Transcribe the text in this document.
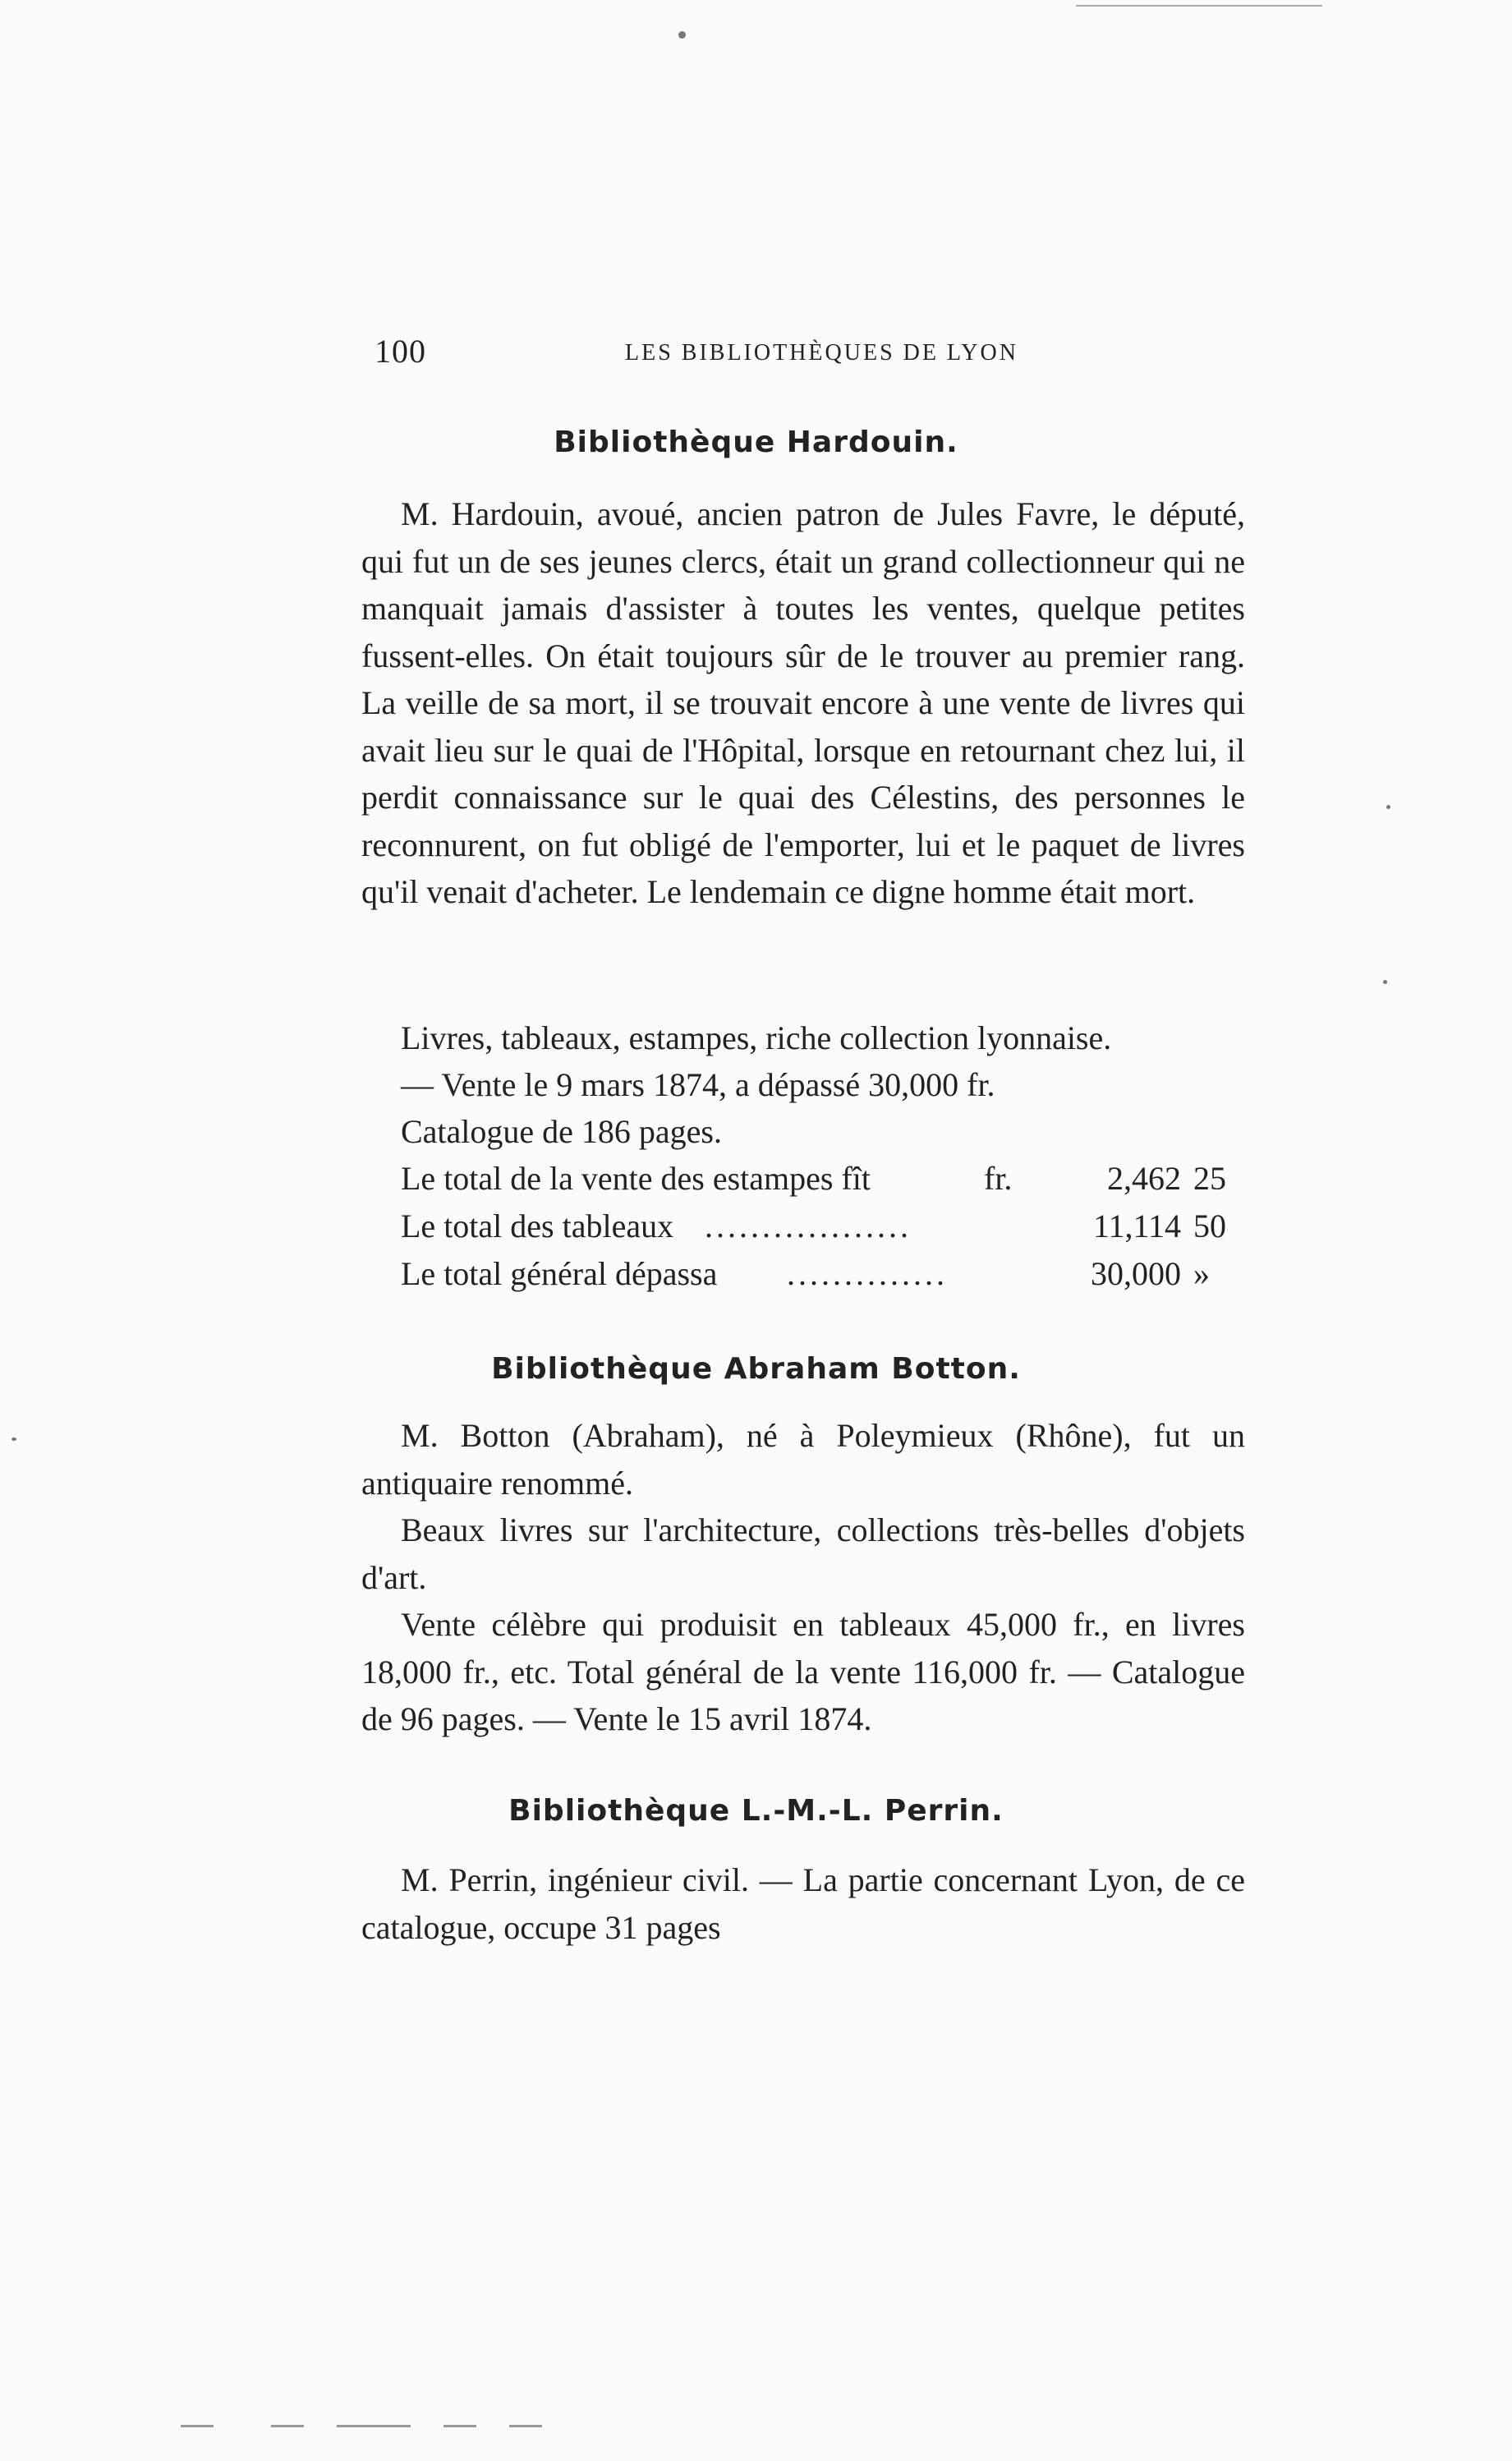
100	LES BIBLIOTHÈQUES DE LYON
Bibliothèque Hardouin.

M. Hardouin, avoué, ancien patron de Jules Favre, le député, qui fut un de ses jeunes clercs, était un grand collectionneur qui ne manquait jamais d'assister à toutes les ventes, quelque petites fussent-elles. On était toujours sûr de le trouver au premier rang. La veille de sa mort, il se trouvait encore à une vente de livres qui avait lieu sur le quai de l'Hôpital, lorsque en retournant chez lui, il perdit connaissance sur le quai des Célestins, des personnes le reconnurent, on fut obligé de l'emporter, lui et le paquet de livres qu'il venait d'acheter. Le lendemain ce digne homme était mort.

Livres, tableaux, estampes, riche collection lyonnaise.
— Vente le 9 mars 1874, a dépassé 30,000 fr.
Catalogue de 186 pages.
Le total de la vente des estampes fît	fr.	2,462 25
Le total des tableaux ..................	11,114 50
Le total général dépassa ..............	30,000 »
Bibliothèque Abraham Botton.

M. Botton (Abraham), né à Poleymieux (Rhône), fut un antiquaire renommé.

Beaux livres sur l'architecture, collections très-belles d'objets d'art.

Vente célèbre qui produisit en tableaux 45,000 fr., en livres 18,000 fr., etc. Total général de la vente 116,000 fr. — Catalogue de 96 pages. — Vente le 15 avril 1874.

Bibliothèque L.-M.-L. Perrin.

M. Perrin, ingénieur civil. — La partie concernant Lyon, de ce catalogue, occupe 31 pages
